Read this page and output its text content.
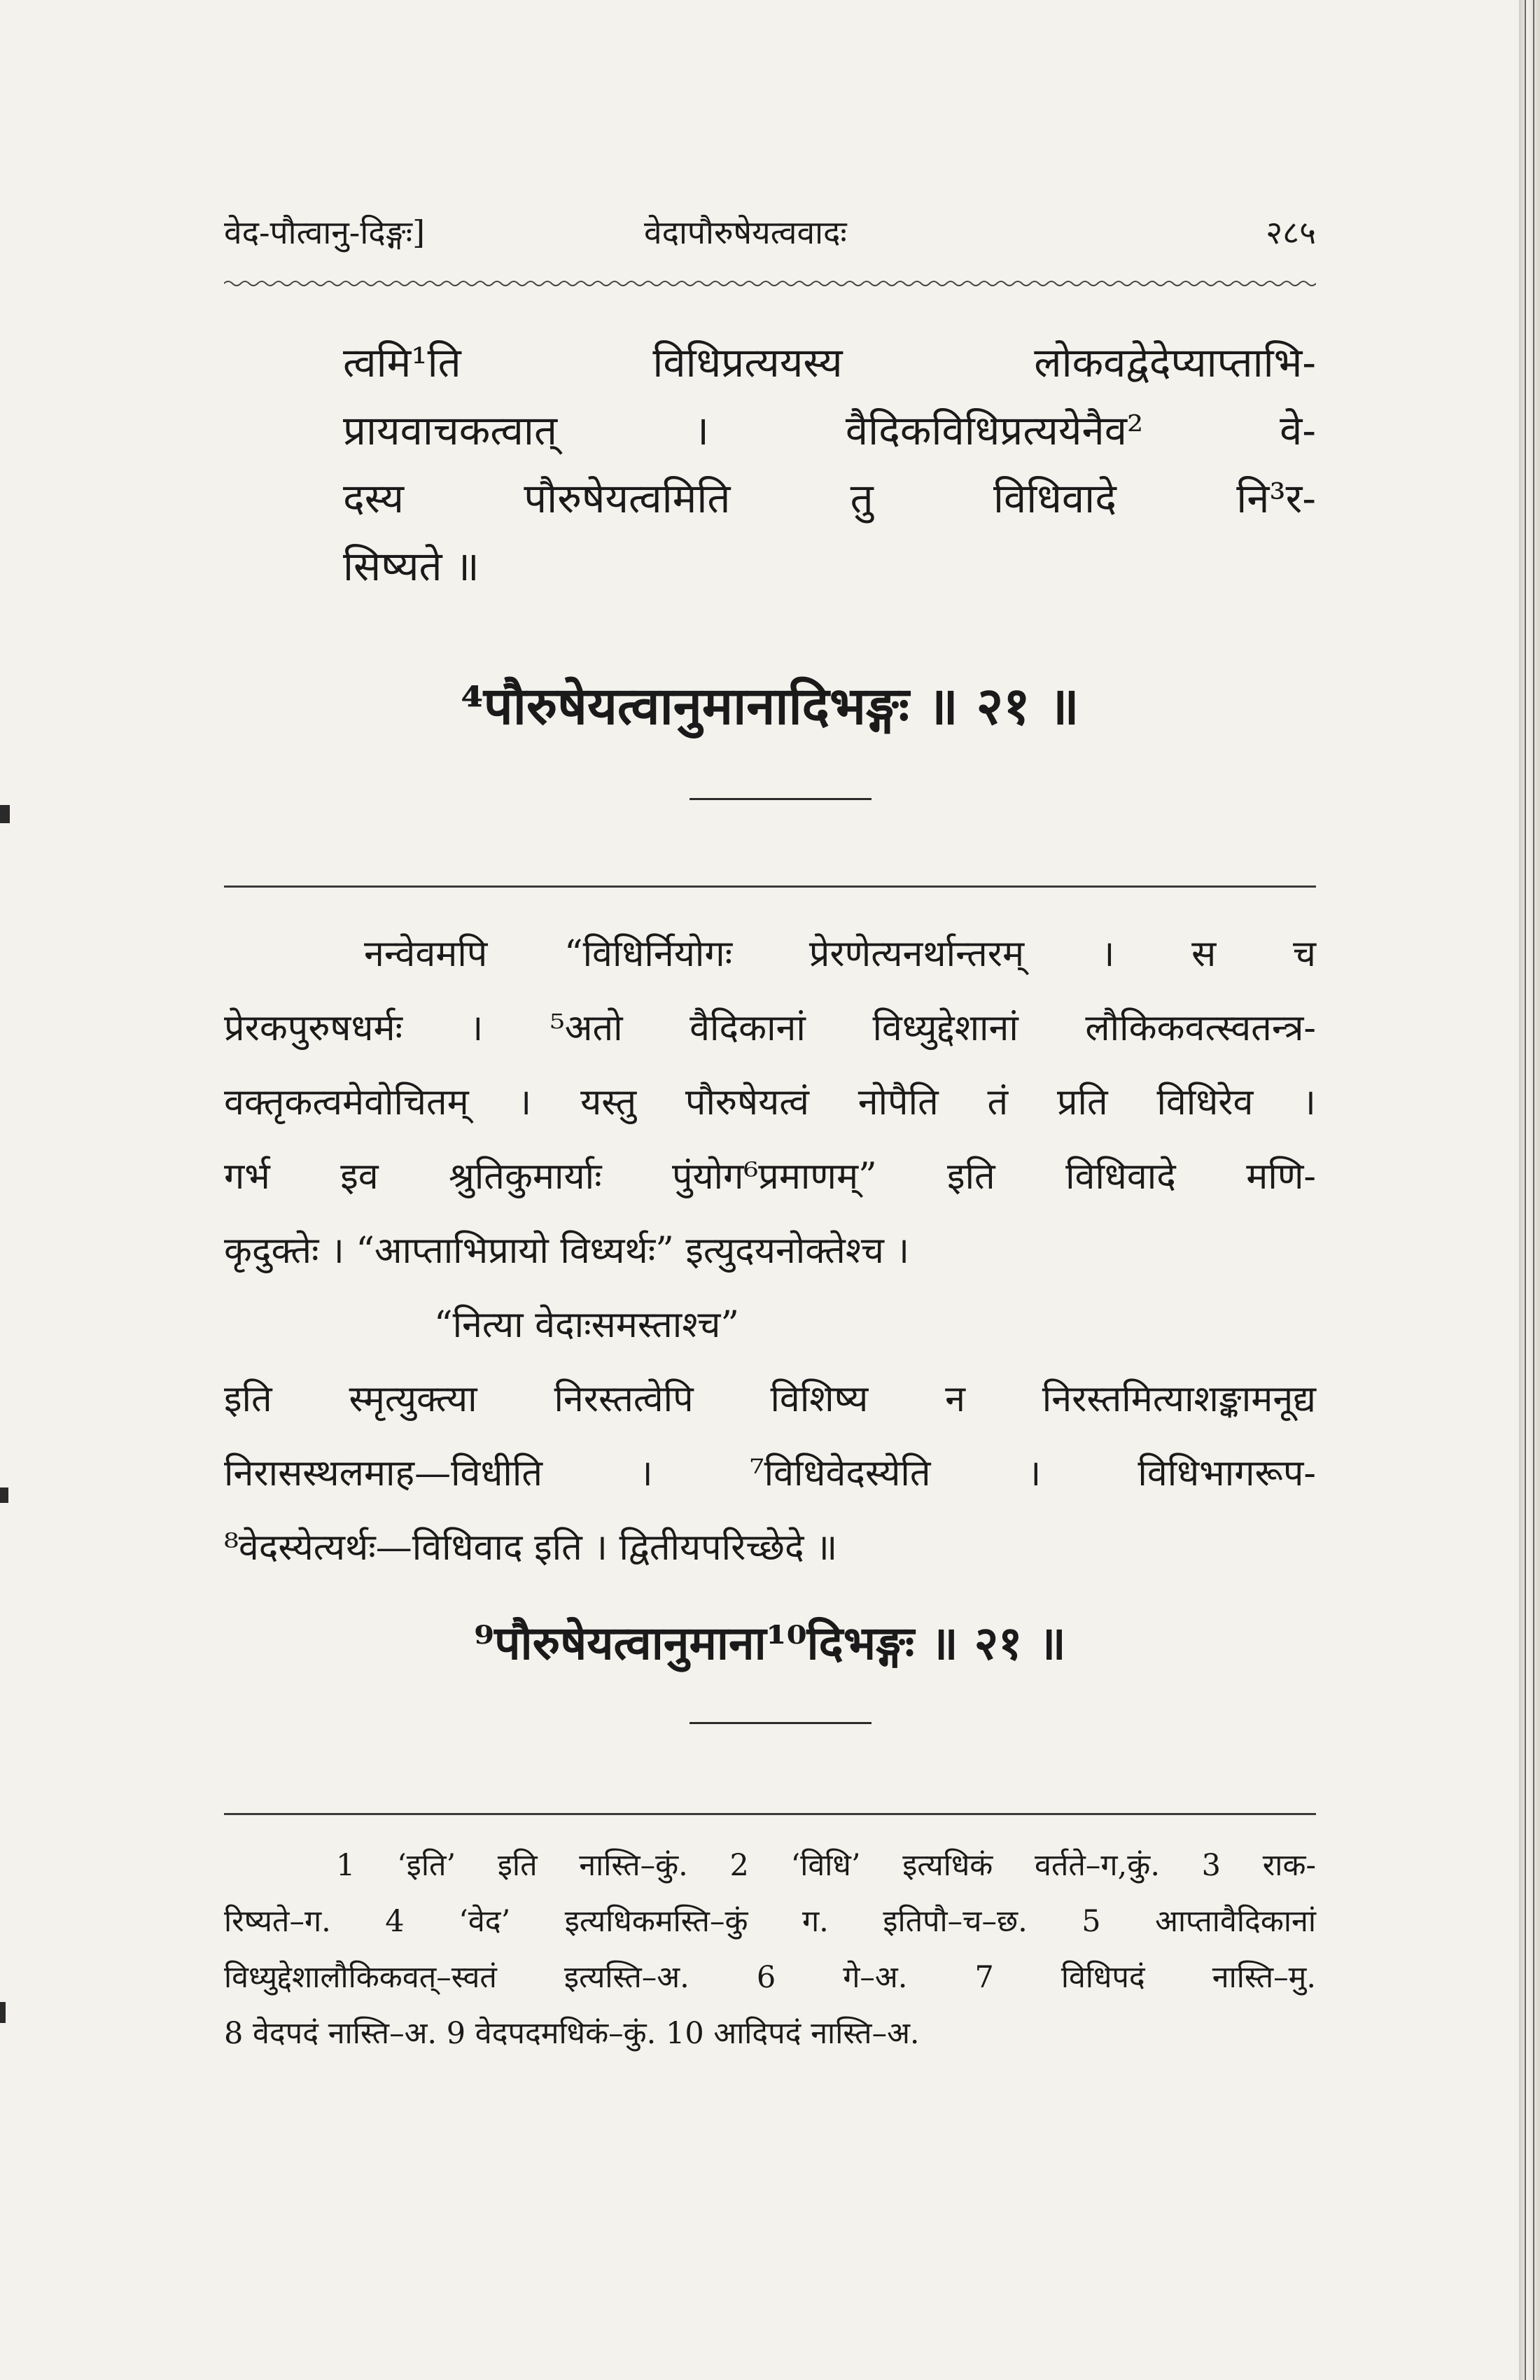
वेद-पौत्वानु-दिङ्गः]	वेदापौरुषेयत्ववादः	२८५
त्वमि¹ति विधिप्रत्ययस्य लोकवद्वेदेप्याप्ताभि-
प्रायवाचकत्वात् । वैदिकविधिप्रत्ययेनैव² वे-
दस्य पौरुषेयत्वमिति तु विधिवादे नि³र-
सिष्यते ॥
⁴पौरुषेयत्वानुमानादिभङ्गः ॥ २१ ॥

नन्वेवमपि “विधिर्नियोगः प्रेरणेत्यनर्थान्तरम् । स च

प्रेरकपुरुषधर्मः । ⁵अतो वैदिकानां विध्युद्देशानां लौकिकवत्स्वतन्त्र-

वक्तृकत्वमेवोचितम् । यस्तु पौरुषेयत्वं नोपैति तं प्रति विधिरेव ।

गर्भ इव श्रुतिकुमार्याः पुंयोग⁶प्रमाणम्” इति विधिवादे मणि-

कृदुक्तेः । “आप्ताभिप्रायो विध्यर्थः” इत्युदयनोक्तेश्च ।

“नित्या वेदाःसमस्ताश्च”

इति स्मृत्युक्त्या निरस्तत्वेपि विशिष्य न निरस्तमित्याशङ्कामनूद्य

निरासस्थलमाह—विधीति । ⁷विधिवेदस्येति । विधिभागरूप-

⁸वेदस्येत्यर्थः—विधिवाद इति । द्वितीयपरिच्छेदे ॥

⁹पौरुषेयत्वानुमाना¹⁰दिभङ्गः ॥ २१ ॥

1 ‘इति’ इति नास्ति–कुं. 2 ‘विधि’ इत्यधिकं वर्तते–ग,कुं. 3 राक-

रिष्यते–ग. 4 ‘वेद’ इत्यधिकमस्ति–कुं ग. इतिपौ–च–छ. 5 आप्तावैदिकानां

विध्युद्देशालौकिकवत्–स्वतं इत्यस्ति–अ. 6 गे–अ. 7 विधिपदं नास्ति–मु.

8 वेदपदं नास्ति–अ. 9 वेदपदमधिकं–कुं. 10 आदिपदं नास्ति–अ.
